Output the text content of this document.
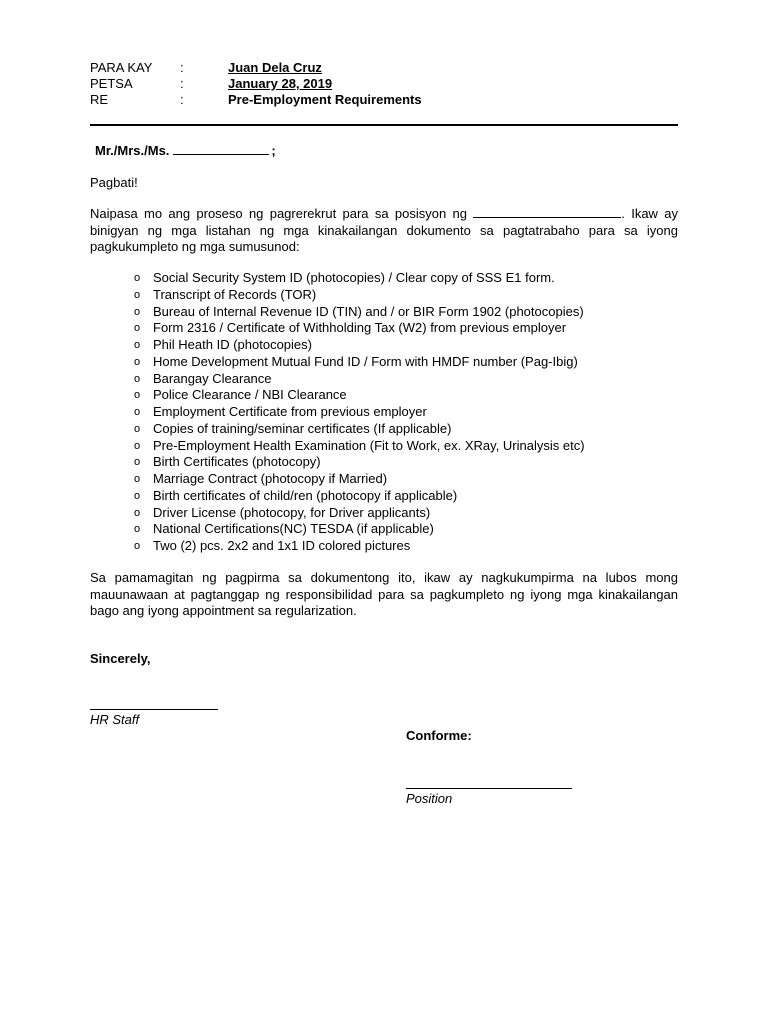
PARA KAY	:	Juan Dela Cruz
PETSA	:	January 28, 2019
RE	:	Pre-Employment Requirements
Mr./Mrs./Ms.	;
Pagbati!
Naipasa mo ang proseso ng pagrerekrut para sa posisyon ng	. Ikaw ay binigyan ng mga listahan ng mga kinakailangan dokumento sa pagtatrabaho para sa iyong pagkukumpleto ng mga sumusunod:
o Social Security System ID (photocopies) / Clear copy of SSS E1 form.
o Transcript of Records (TOR)
o Bureau of Internal Revenue ID (TIN) and / or BIR Form 1902 (photocopies)
o Form 2316 / Certificate of Withholding Tax (W2) from previous employer
o Phil Heath ID (photocopies)
o Home Development Mutual Fund ID / Form with HMDF number (Pag-Ibig)
o Barangay Clearance
o Police Clearance / NBI Clearance
o Employment Certificate from previous employer
o Copies of training/seminar certificates (If applicable)
o Pre-Employment Health Examination (Fit to Work, ex. XRay, Urinalysis etc)
o Birth Certificates (photocopy)
o Marriage Contract (photocopy if Married)
o Birth certificates of child/ren (photocopy if applicable)
o Driver License (photocopy, for Driver applicants)
o National Certifications(NC) TESDA (if applicable)
o Two (2) pcs. 2x2 and 1x1 ID colored pictures
Sa pamamagitan ng pagpirma sa dokumentong ito, ikaw ay nagkukumpirma na lubos mong mauunawaan at pagtanggap ng responsibilidad para sa pagkumpleto ng iyong mga kinakailangan bago ang iyong appointment sa regularization.
Sincerely,
HR Staff
Conforme:
Position
